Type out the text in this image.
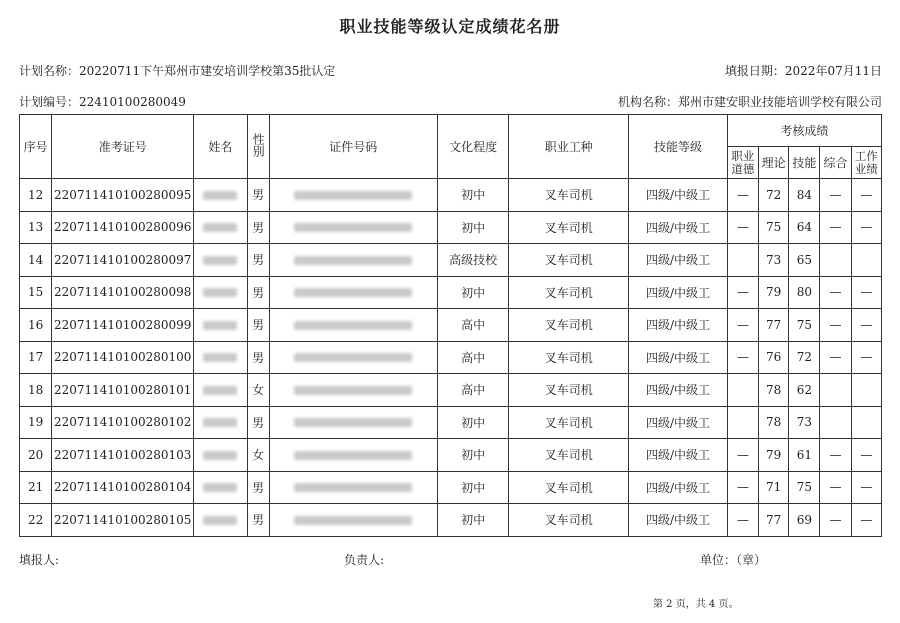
职业技能等级认定成绩花名册
计划名称：20220711下午郑州市建安培训学校第35批认定	填报日期：2022年07月11日
计划编号：22410100280049	机构名称：郑州市建安职业技能培训学校有限公司
序号	准考证号	姓名	性别	证件号码	文化程度	职业工种	技能等级	考核成绩				
								职业道德	理论	技能	综合	工作业绩
12	220711410100280095		男		初中	叉车司机	四级/中级工	—	72	84	—	—
13	220711410100280096		男		初中	叉车司机	四级/中级工	—	75	64	—	—
14	220711410100280097		男		高级技校	叉车司机	四级/中级工		73	65		
15	220711410100280098		男		初中	叉车司机	四级/中级工	—	79	80	—	—
16	220711410100280099		男		高中	叉车司机	四级/中级工	—	77	75	—	—
17	220711410100280100		男		高中	叉车司机	四级/中级工	—	76	72	—	—
18	220711410100280101		女		高中	叉车司机	四级/中级工		78	62		
19	220711410100280102		男		初中	叉车司机	四级/中级工		78	73		
20	220711410100280103		女		初中	叉车司机	四级/中级工	—	79	61	—	—
21	220711410100280104		男		初中	叉车司机	四级/中级工	—	71	75	—	—
22	220711410100280105		男		初中	叉车司机	四级/中级工	—	77	69	—	—
填报人:	负责人:	单位：（章）
第 2 页，共 4 页。
